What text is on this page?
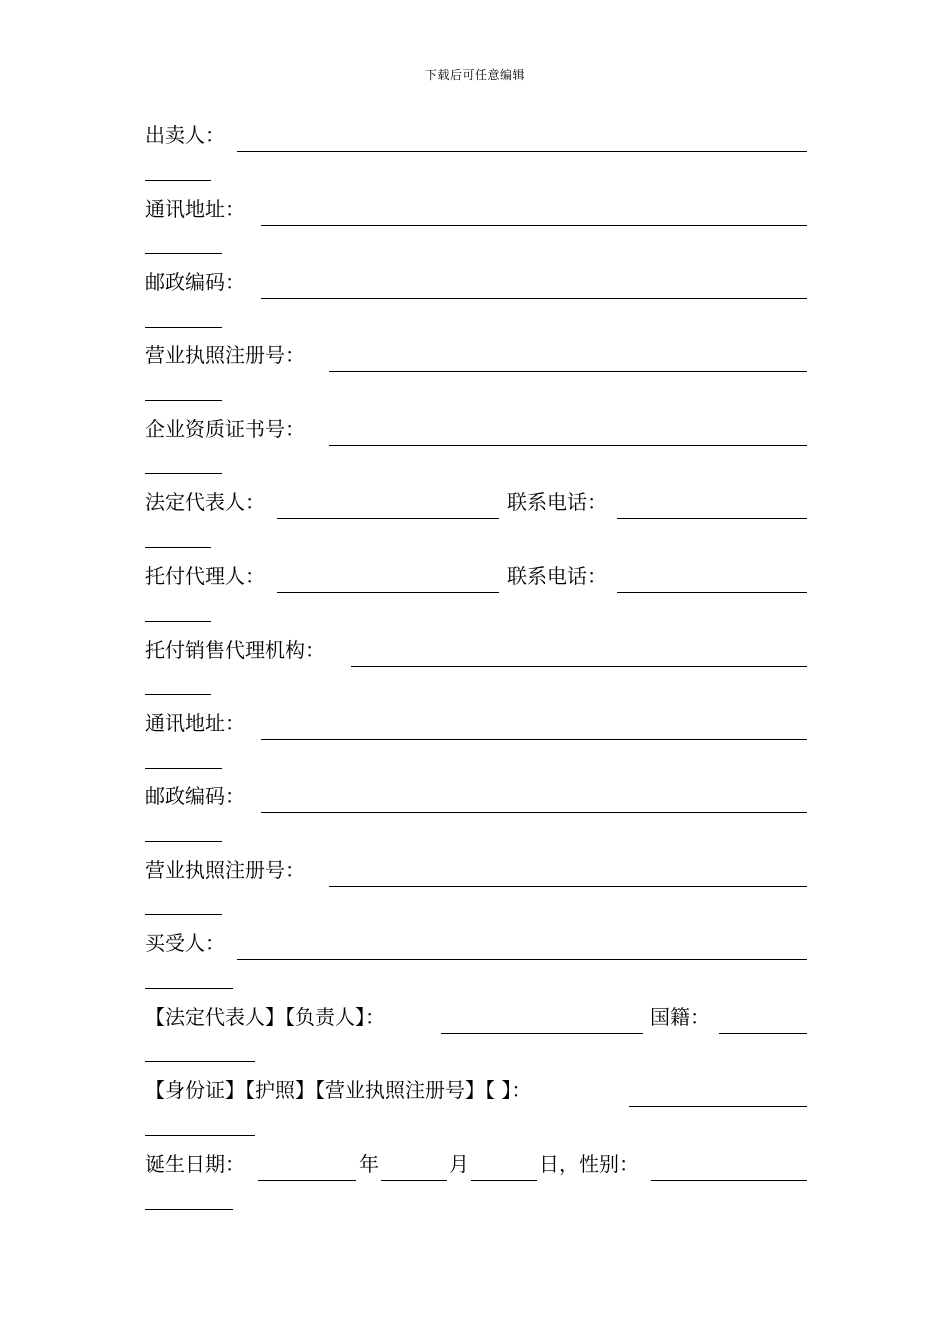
下载后可任意编辑
出卖人：
通讯地址：
邮政编码：
营业执照注册号：
企业资质证书号：
法定代表人：	联系电话：
托付代理人：	联系电话：
托付销售代理机构：
通讯地址：
邮政编码：
营业执照注册号：
买受人：
【法定代表人】【负责人】：	国籍：
【身份证】【护照】【营业执照注册号】【 】：
诞生日期：	年	月	日，性别：
